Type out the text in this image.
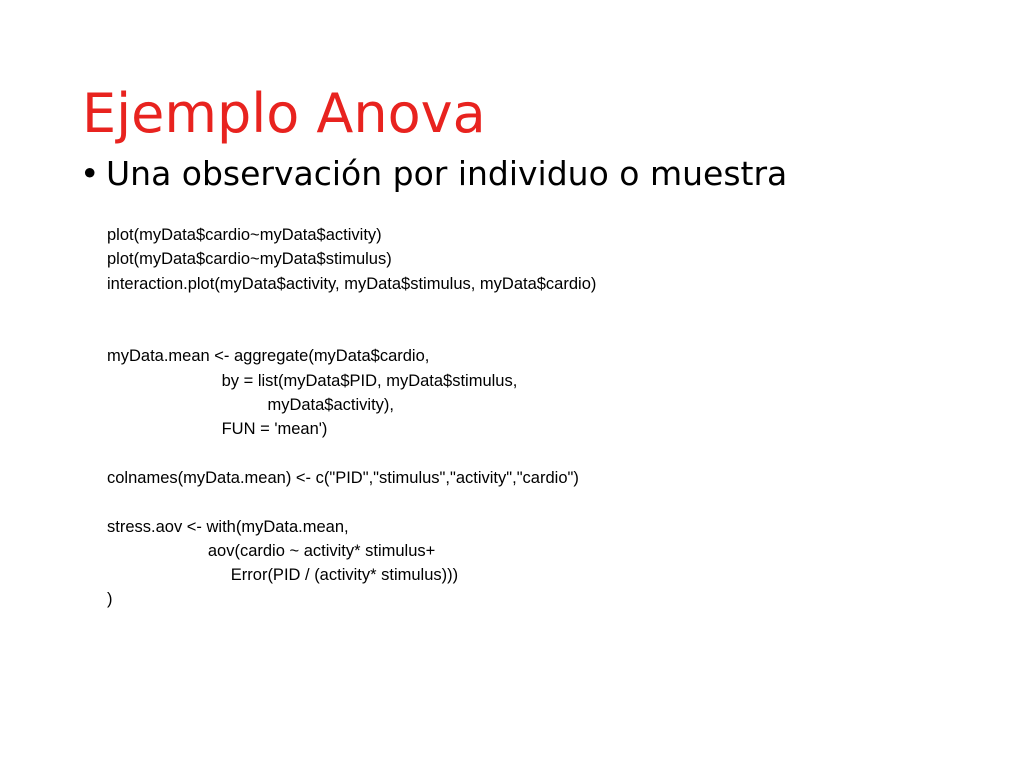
Ejemplo Anova
• Una observación por individuo o muestra
plot(myData$cardio~myData$activity)
plot(myData$cardio~myData$stimulus)
interaction.plot(myData$activity, myData$stimulus, myData$cardio)
myData.mean <- aggregate(myData$cardio,
by = list(myData$PID, myData$stimulus,
myData$activity),
FUN = 'mean')
colnames(myData.mean) <- c("PID","stimulus","activity","cardio")
stress.aov <- with(myData.mean,
aov(cardio ~ activity* stimulus+
Error(PID / (activity* stimulus)))
)
